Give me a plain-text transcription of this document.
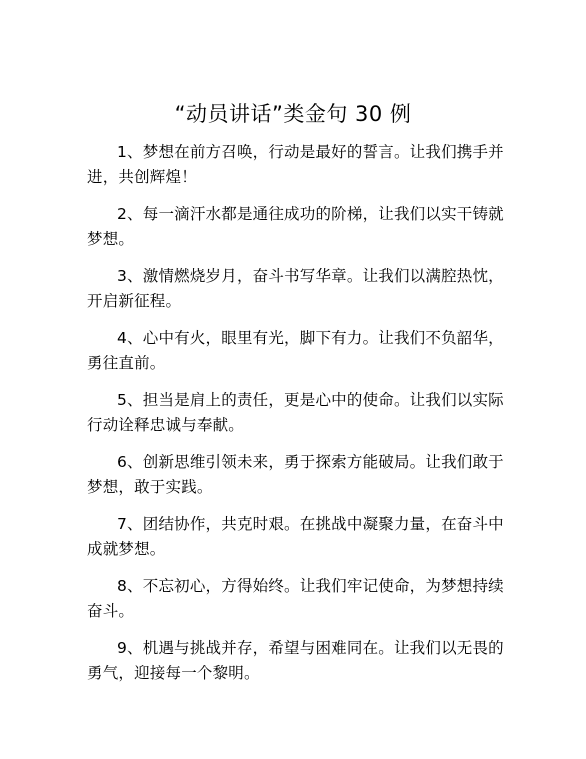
“动员讲话”类金句 30 例

1、梦想在前方召唤，行动是最好的誓言。让我们携手并进，共创辉煌！

2、每一滴汗水都是通往成功的阶梯，让我们以实干铸就梦想。

3、激情燃烧岁月，奋斗书写华章。让我们以满腔热忱，开启新征程。

4、心中有火，眼里有光，脚下有力。让我们不负韶华，勇往直前。

5、担当是肩上的责任，更是心中的使命。让我们以实际行动诠释忠诚与奉献。

6、创新思维引领未来，勇于探索方能破局。让我们敢于梦想，敢于实践。

7、团结协作，共克时艰。在挑战中凝聚力量，在奋斗中成就梦想。

8、不忘初心，方得始终。让我们牢记使命，为梦想持续奋斗。

9、机遇与挑战并存，希望与困难同在。让我们以无畏的勇气，迎接每一个黎明。
